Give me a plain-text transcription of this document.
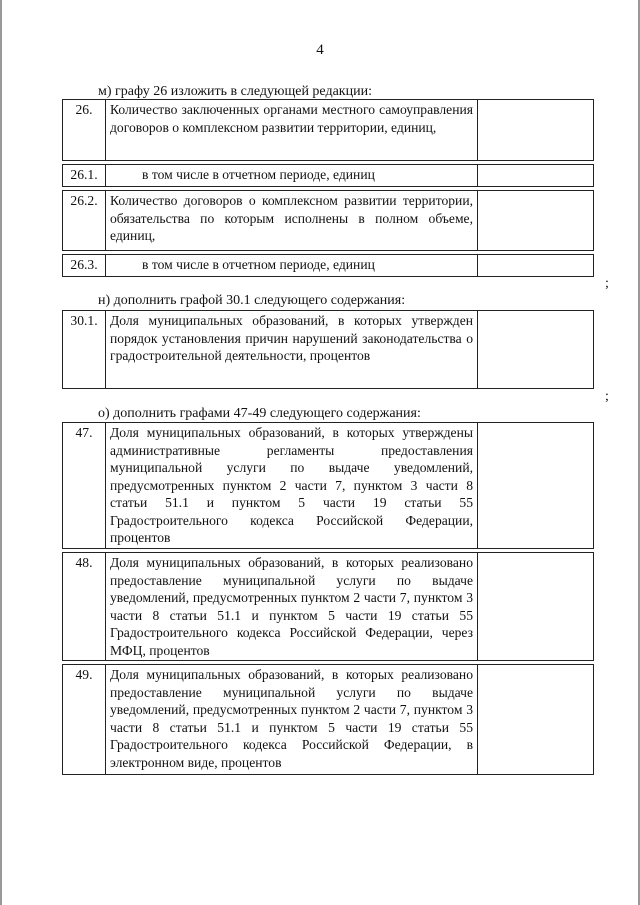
4
м) графу 26 изложить в следующей редакции:
26.	Количество заключенных органами местного самоуправления договоров о комплексном развитии территории, единиц,	

26.1.	в том числе в отчетном периоде, единиц	

26.2.	Количество договоров о комплексном развитии территории, обязательства по которым исполнены в полном объеме, единиц,	

26.3.	в том числе в отчетном периоде, единиц	
;
н) дополнить графой 30.1 следующего содержания:
30.1.	Доля муниципальных образований, в которых утвержден порядок установления причин нарушений законодательства о градостроительной деятельности, процентов	
;
о) дополнить графами 47-49 следующего содержания:
47.	Доля муниципальных образований, в которых утверждены административные регламенты предоставления муниципальной услуги по выдаче уведомлений, предусмотренных пунктом 2 части 7, пунктом 3 части 8 статьи 51.1 и пунктом 5 части 19 статьи 55 Градостроительного кодекса Российской Федерации, процентов	

48.	Доля муниципальных образований, в которых реализовано предоставление муниципальной услуги по выдаче уведомлений, предусмотренных пунктом 2 части 7, пунктом 3 части 8 статьи 51.1 и пунктом 5 части 19 статьи 55 Градостроительного кодекса Российской Федерации, через МФЦ, процентов	

49.	Доля муниципальных образований, в которых реализовано предоставление муниципальной услуги по выдаче уведомлений, предусмотренных пунктом 2 части 7, пунктом 3 части 8 статьи 51.1 и пунктом 5 части 19 статьи 55 Градостроительного кодекса Российской Федерации, в электронном виде, процентов	
